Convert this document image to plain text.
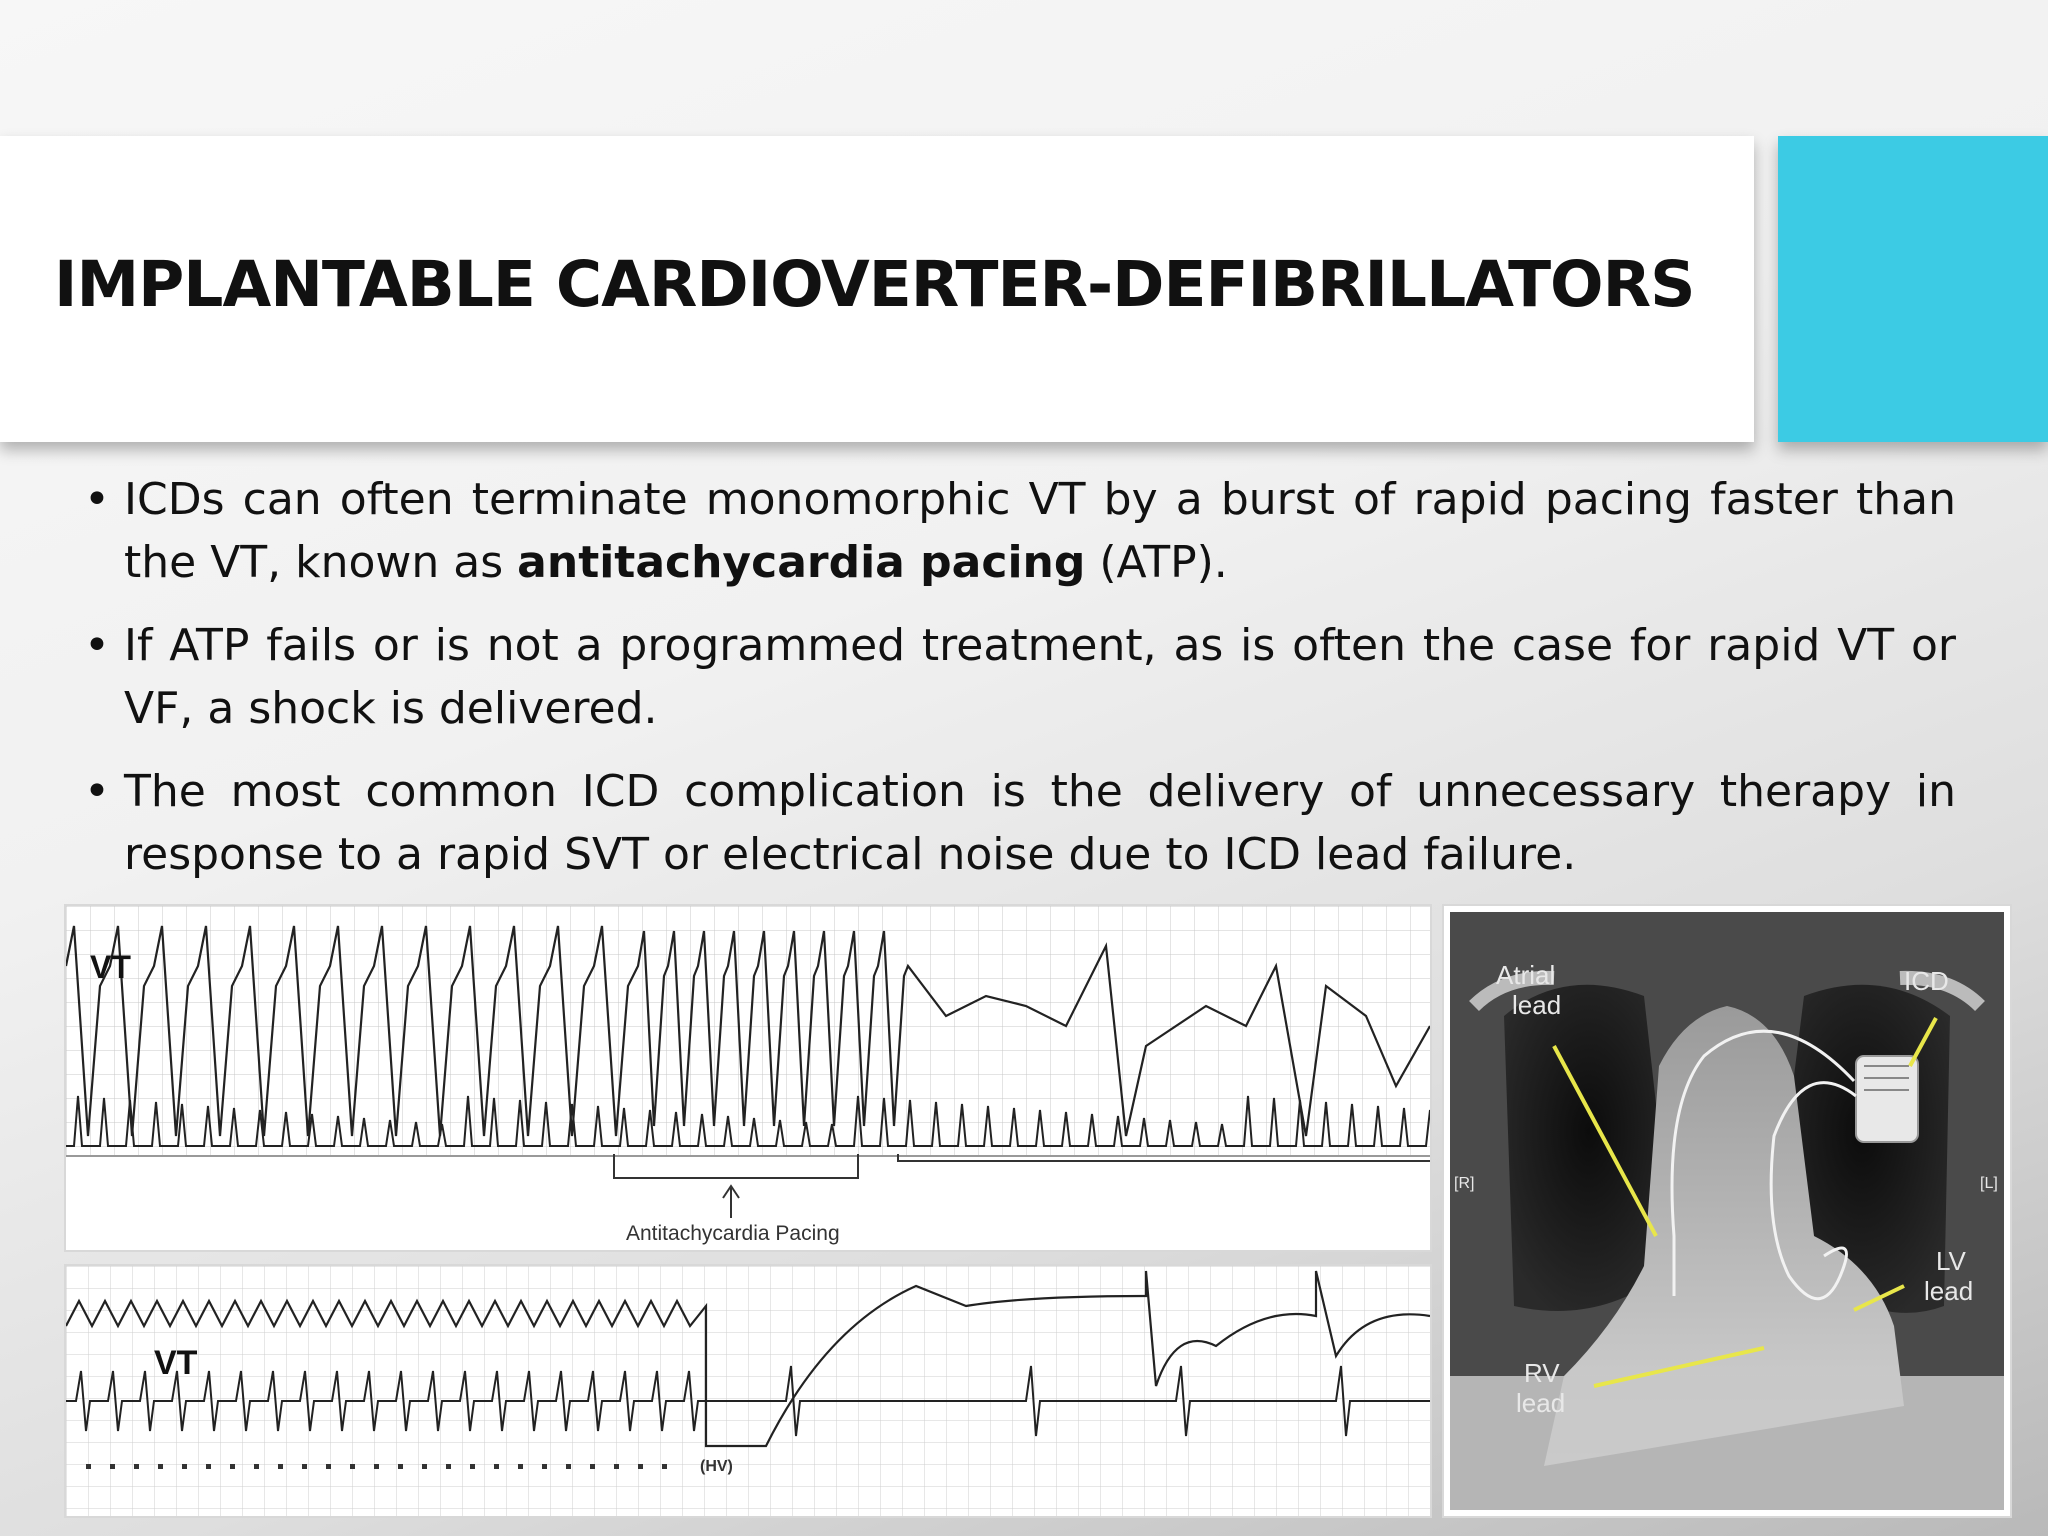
IMPLANTABLE CARDIOVERTER-DEFIBRILLATORS
• ICDs can often terminate monomorphic VT by a burst of rapid pacing faster than the VT, known as antitachycardia pacing (ATP).
• If ATP fails or is not a programmed treatment, as is often the case for rapid VT or VF, a shock is delivered.
• The most common ICD complication is the delivery of unnecessary therapy in response to a rapid SVT or electrical noise due to ICD lead failure.
VT
Antitachycardia Pacing
VT
(HV)
Atrial
lead
ICD
LV
lead
RV
lead
[R]	[L]
